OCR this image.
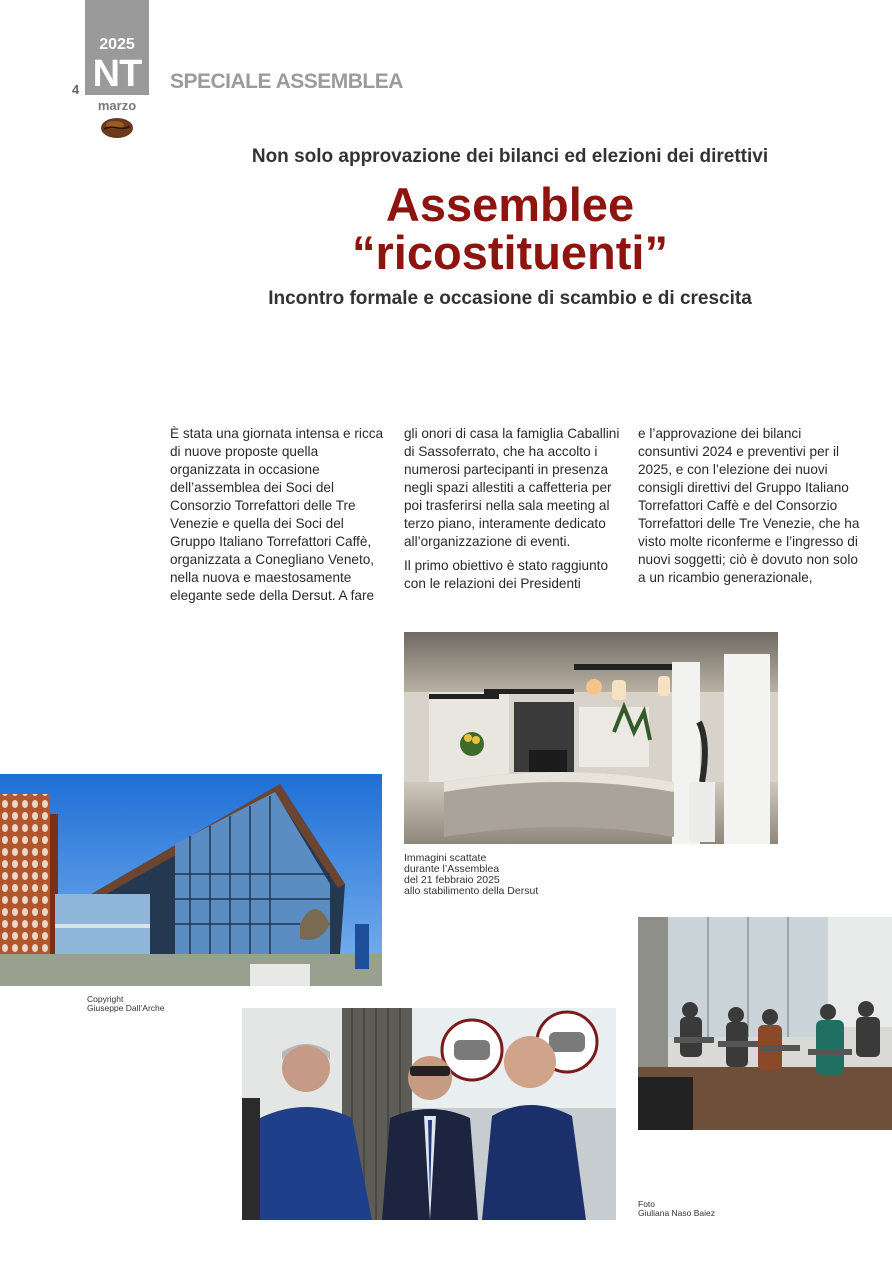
2025
NT
4
marzo
SPECIALE ASSEMBLEA
Non solo approvazione dei bilanci ed elezioni dei direttivi
Assemblee
“ricostituenti”
Incontro formale e occasione di scambio e di crescita

È stata una giornata intensa e ricca di nuove proposte quella organizzata in occasione dell’assemblea dei Soci del Consorzio Torrefattori delle Tre Venezie e quella dei Soci del Gruppo Italiano Torrefattori Caffè, organizzata a Conegliano Veneto, nella nuova e maestosamente elegante sede della Dersut. A fare

gli onori di casa la famiglia Caballini di Sassoferrato, che ha accolto i numerosi partecipanti in presenza negli spazi allestiti a caffetteria per poi trasferirsi nella sala meeting al terzo piano, interamente dedicato all’organizzazione di eventi.

Il primo obiettivo è stato raggiunto con le relazioni dei Presidenti

e l’approvazione dei bilanci consuntivi 2024 e preventivi per il 2025, e con l’elezione dei nuovi consigli direttivi del Gruppo Italiano Torrefattori Caffè e del Consorzio Torrefattori delle Tre Venezie, che ha visto molte riconferme e l’ingresso di nuovi soggetti; ciò è dovuto non solo a un ricambio generazionale,

Immagini scattate
durante l’Assemblea
del 21 febbraio 2025
allo stabilimento della Dersut
Copyright
Giuseppe Dall’Arche
Foto
Giuliana Naso Baiez
